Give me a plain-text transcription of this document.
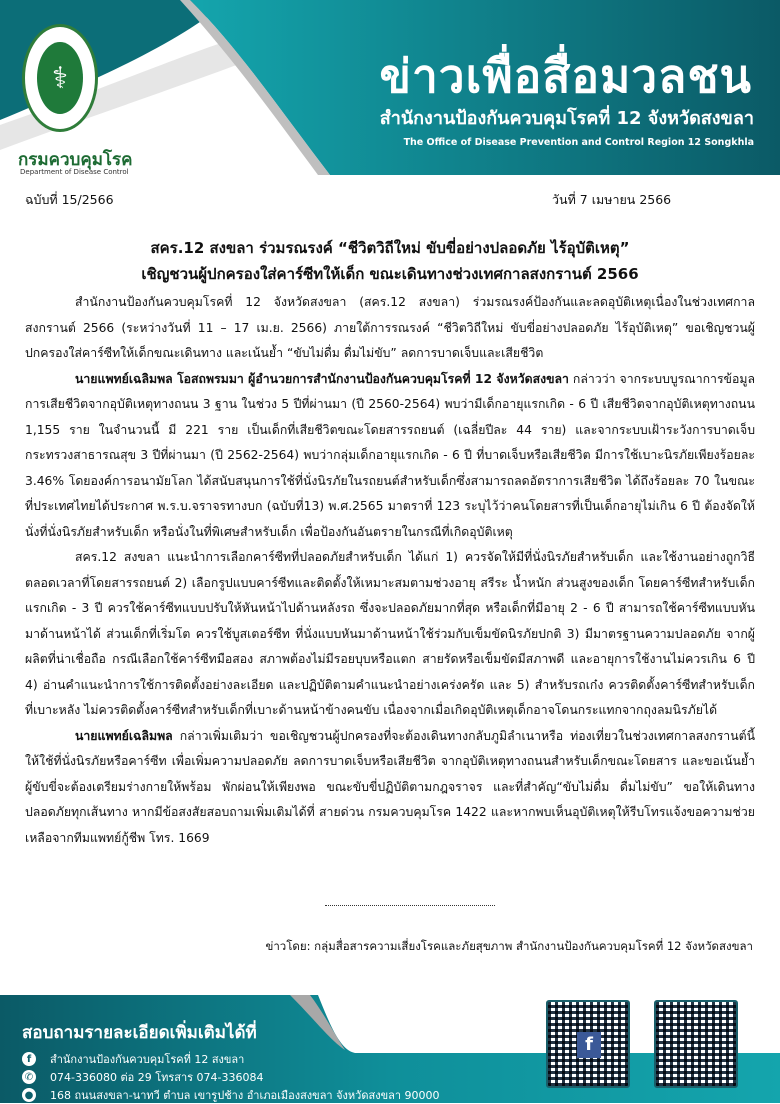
⚕
กรมควบคุมโรค
Department of Disease Control
ข่าวเพื่อสื่อมวลชน
สำนักงานป้องกันควบคุมโรคที่ 12 จังหวัดสงขลา
The Office of Disease Prevention and Control Region 12 Songkhla
ฉบับที่ 15/2566	วันที่ 7 เมษายน 2566
สคร.12 สงขลา ร่วมรณรงค์ “ชีวิตวิถีใหม่ ขับขี่อย่างปลอดภัย ไร้อุบัติเหตุ”
เชิญชวนผู้ปกครองใส่คาร์ซีทให้เด็ก ขณะเดินทางช่วงเทศกาลสงกรานต์ 2566

สำนักงานป้องกันควบคุมโรคที่ 12 จังหวัดสงขลา (สคร.12 สงขลา) ร่วมรณรงค์ป้องกันและลดอุบัติเหตุเนื่องในช่วงเทศกาลสงกรานต์ 2566 (ระหว่างวันที่ 11 – 17 เม.ย. 2566) ภายใต้การรณรงค์ “ชีวิตวิถีใหม่ ขับขี่อย่างปลอดภัย ไร้อุบัติเหตุ” ขอเชิญชวนผู้ปกครองใส่คาร์ซีทให้เด็กขณะเดินทาง และเน้นย้ำ “ขับไม่ดื่ม ดื่มไม่ขับ” ลดการบาดเจ็บและเสียชีวิต

นายแพทย์เฉลิมพล โอสถพรมมา ผู้อำนวยการสำนักงานป้องกันควบคุมโรคที่ 12 จังหวัดสงขลา กล่าวว่า จากระบบบูรณาการข้อมูลการเสียชีวิตจากอุบัติเหตุทางถนน 3 ฐาน ในช่วง 5 ปีที่ผ่านมา (ปี 2560-2564) พบว่ามีเด็กอายุแรกเกิด - 6 ปี เสียชีวิตจากอุบัติเหตุทางถนน 1,155 ราย ในจำนวนนี้ มี 221 ราย เป็นเด็กที่เสียชีวิตขณะโดยสารรถยนต์ (เฉลี่ยปีละ 44 ราย) และจากระบบเฝ้าระวังการบาดเจ็บ กระทรวงสาธารณสุข 3 ปีที่ผ่านมา (ปี 2562-2564) พบว่ากลุ่มเด็กอายุแรกเกิด - 6 ปี ที่บาดเจ็บหรือเสียชีวิต มีการใช้เบาะนิรภัยเพียงร้อยละ 3.46% โดยองค์การอนามัยโลก ได้สนับสนุนการใช้ที่นั่งนิรภัยในรถยนต์สำหรับเด็กซึ่งสามารถลดอัตราการเสียชีวิต ได้ถึงร้อยละ 70 ในขณะที่ประเทศไทยได้ประกาศ พ.ร.บ.จราจรทางบก (ฉบับที่13) พ.ศ.2565 มาตราที่ 123 ระบุไว้ว่าคนโดยสารที่เป็นเด็กอายุไม่เกิน 6 ปี ต้องจัดให้นั่งที่นั่งนิรภัยสำหรับเด็ก หรือนั่งในที่พิเศษสำหรับเด็ก เพื่อป้องกันอันตรายในกรณีที่เกิดอุบัติเหตุ

สคร.12 สงขลา แนะนำการเลือกคาร์ซีทที่ปลอดภัยสำหรับเด็ก ได้แก่ 1) ควรจัดให้มีที่นั่งนิรภัยสำหรับเด็ก และใช้งานอย่างถูกวิธีตลอดเวลาที่โดยสารรถยนต์ 2) เลือกรูปแบบคาร์ซีทและติดตั้งให้เหมาะสมตามช่วงอายุ สรีระ น้ำหนัก ส่วนสูงของเด็ก โดยคาร์ซีทสำหรับเด็กแรกเกิด - 3 ปี ควรใช้คาร์ซีทแบบปรับให้หันหน้าไปด้านหลังรถ ซึ่งจะปลอดภัยมากที่สุด หรือเด็กที่มีอายุ 2 - 6 ปี สามารถใช้คาร์ซีทแบบหันมาด้านหน้าได้ ส่วนเด็กที่เริ่มโต ควรใช้บูสเตอร์ซีท ที่นั่งแบบหันมาด้านหน้าใช้ร่วมกับเข็มขัดนิรภัยปกติ 3) มีมาตรฐานความปลอดภัย จากผู้ผลิตที่น่าเชื่อถือ กรณีเลือกใช้คาร์ซีทมือสอง สภาพต้องไม่มีรอยบุบหรือแตก สายรัดหรือเข็มขัดมีสภาพดี และอายุการใช้งานไม่ควรเกิน 6 ปี 4) อ่านคำแนะนำการใช้การติดตั้งอย่างละเอียด และปฏิบัติตามคำแนะนำอย่างเคร่งครัด และ 5) สำหรับรถเก๋ง ควรติดตั้งคาร์ซีทสำหรับเด็กที่เบาะหลัง ไม่ควรติดตั้งคาร์ซีทสำหรับเด็กที่เบาะด้านหน้าข้างคนขับ เนื่องจากเมื่อเกิดอุบัติเหตุเด็กอาจโดนกระแทกจากถุงลมนิรภัยได้

นายแพทย์เฉลิมพล กล่าวเพิ่มเติมว่า ขอเชิญชวนผู้ปกครองที่จะต้องเดินทางกลับภูมิลำเนาหรือ ท่องเที่ยวในช่วงเทศกาลสงกรานต์นี้ ให้ใช้ที่นั่งนิรภัยหรือคาร์ซีท เพื่อเพิ่มความปลอดภัย ลดการบาดเจ็บหรือเสียชีวิต จากอุบัติเหตุทางถนนสำหรับเด็กขณะโดยสาร และขอเน้นย้ำ ผู้ขับขี่จะต้องเตรียมร่างกายให้พร้อม พักผ่อนให้เพียงพอ ขณะขับขี่ปฏิบัติตามกฎจราจร และที่สำคัญ“ขับไม่ดื่ม ดื่มไม่ขับ” ขอให้เดินทางปลอดภัยทุกเส้นทาง หากมีข้อสงสัยสอบถามเพิ่มเติมได้ที่ สายด่วน กรมควบคุมโรค 1422 และหากพบเห็นอุบัติเหตุให้รีบโทรแจ้งขอความช่วยเหลือจากทีมแพทย์กู้ชีพ โทร. 1669

ข่าวโดย: กลุ่มสื่อสารความเสี่ยงโรคและภัยสุขภาพ สำนักงานป้องกันควบคุมโรคที่ 12 จังหวัดสงขลา
สอบถามรายละเอียดเพิ่มเติมได้ที่
f	สำนักงานป้องกันควบคุมโรคที่ 12 สงขลา
✆ 074-336080 ต่อ 29 โทรสาร 074-336084
● 168 ถนนสงขลา-นาทวี ตำบล เขารูปช้าง อำเภอเมืองสงขลา จังหวัดสงขลา 90000
f
